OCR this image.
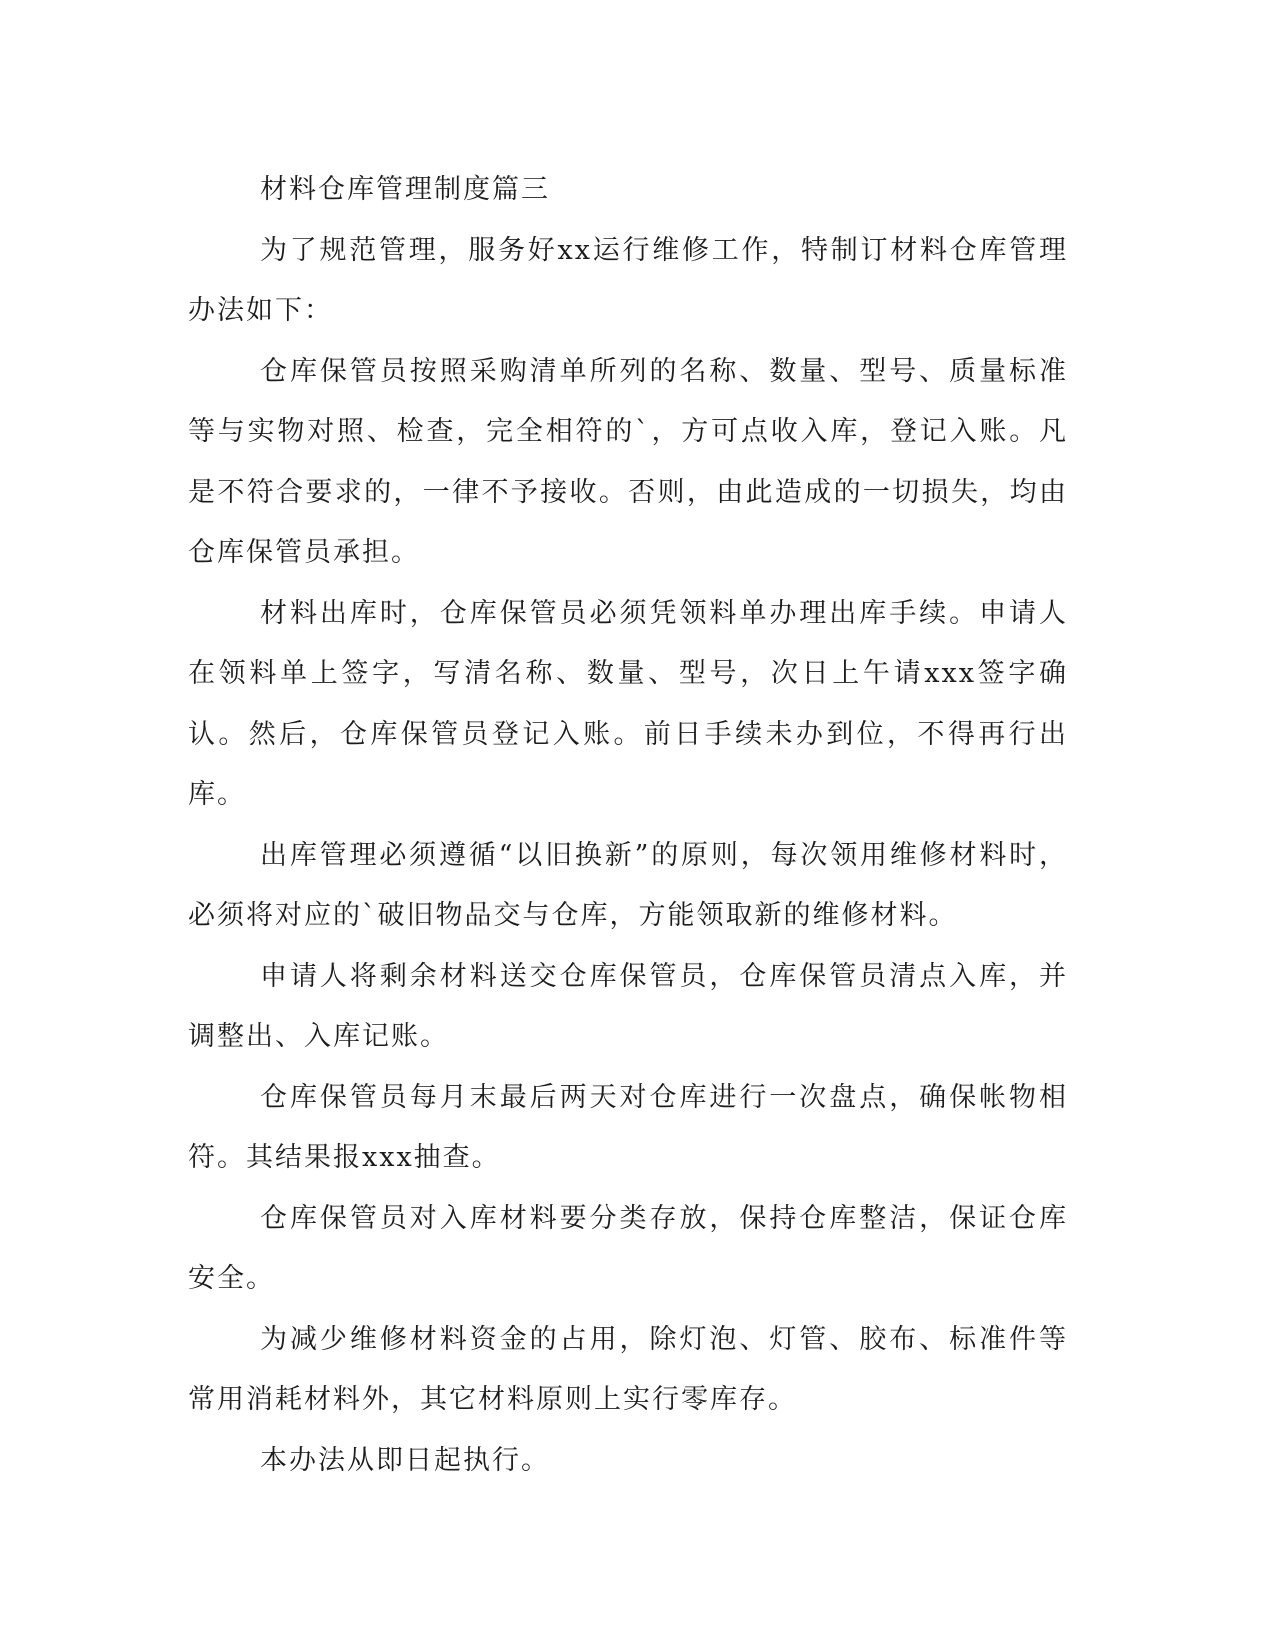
材料仓库管理制度篇三

为了规范管理，服务好xx运行维修工作，特制订材料仓库管理办法如下：

仓库保管员按照采购清单所列的名称、数量、型号、质量标准等与实物对照、检查，完全相符的`，方可点收入库，登记入账。凡是不符合要求的，一律不予接收。否则，由此造成的一切损失，均由仓库保管员承担。

材料出库时，仓库保管员必须凭领料单办理出库手续。申请人在领料单上签字，写清名称、数量、型号，次日上午请xxx签字确认。然后，仓库保管员登记入账。前日手续未办到位，不得再行出库。

出库管理必须遵循“以旧换新”的原则，每次领用维修材料时，必须将对应的`破旧物品交与仓库，方能领取新的维修材料。

申请人将剩余材料送交仓库保管员，仓库保管员清点入库，并调整出、入库记账。

仓库保管员每月末最后两天对仓库进行一次盘点，确保帐物相符。其结果报xxx抽查。

仓库保管员对入库材料要分类存放，保持仓库整洁，保证仓库安全。

为减少维修材料资金的占用，除灯泡、灯管、胶布、标准件等常用消耗材料外，其它材料原则上实行零库存。

本办法从即日起执行。
